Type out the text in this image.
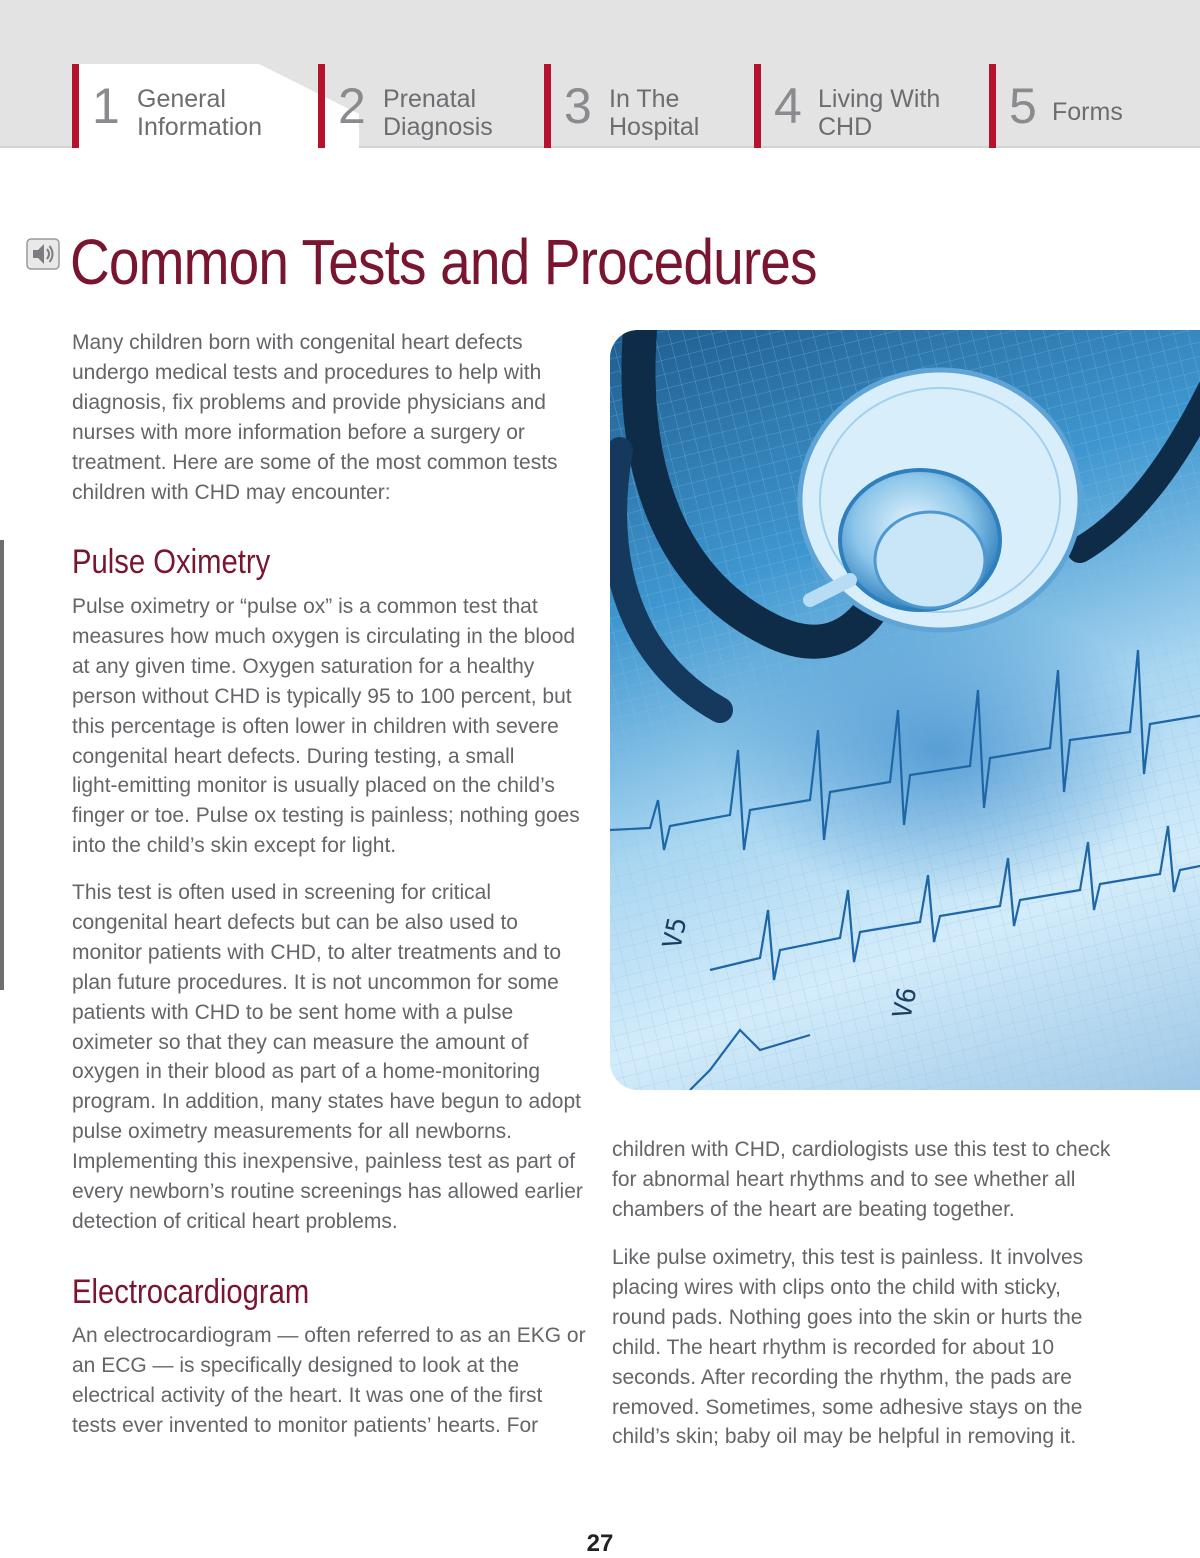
1 General
Information 2 Prenatal
Diagnosis 3 In The
Hospital 4 Living With
CHD	5 Forms
Common Tests and Procedures
Many children born with congenital heart defects
undergo medical tests and procedures to help with
diagnosis, fix problems and provide physicians and
nurses with more information before a surgery or
treatment. Here are some of the most common tests
children with CHD may encounter:
Pulse Oximetry
Pulse oximetry or “pulse ox” is a common test that
measures how much oxygen is circulating in the blood
at any given time. Oxygen saturation for a healthy
person without CHD is typically 95 to 100 percent, but
this percentage is often lower in children with severe
congenital heart defects. During testing, a small
light-emitting monitor is usually placed on the child’s
finger or toe. Pulse ox testing is painless; nothing goes
into the child’s skin except for light.
This test is often used in screening for critical
congenital heart defects but can be also used to
monitor patients with CHD, to alter treatments and to
plan future procedures. It is not uncommon for some
patients with CHD to be sent home with a pulse
oximeter so that they can measure the amount of
oxygen in their blood as part of a home-monitoring
program. In addition, many states have begun to adopt
pulse oximetry measurements for all newborns.
Implementing this inexpensive, painless test as part of
every newborn’s routine screenings has allowed earlier
detection of critical heart problems.
Electrocardiogram
An electrocardiogram — often referred to as an EKG or
an ECG — is specifically designed to look at the
electrical activity of the heart. It was one of the first
tests ever invented to monitor patients’ hearts. For
V5
V6
children with CHD, cardiologists use this test to check
for abnormal heart rhythms and to see whether all
chambers of the heart are beating together.
Like pulse oximetry, this test is painless. It involves
placing wires with clips onto the child with sticky,
round pads. Nothing goes into the skin or hurts the
child. The heart rhythm is recorded for about 10
seconds. After recording the rhythm, the pads are
removed. Sometimes, some adhesive stays on the
child’s skin; baby oil may be helpful in removing it.
27
